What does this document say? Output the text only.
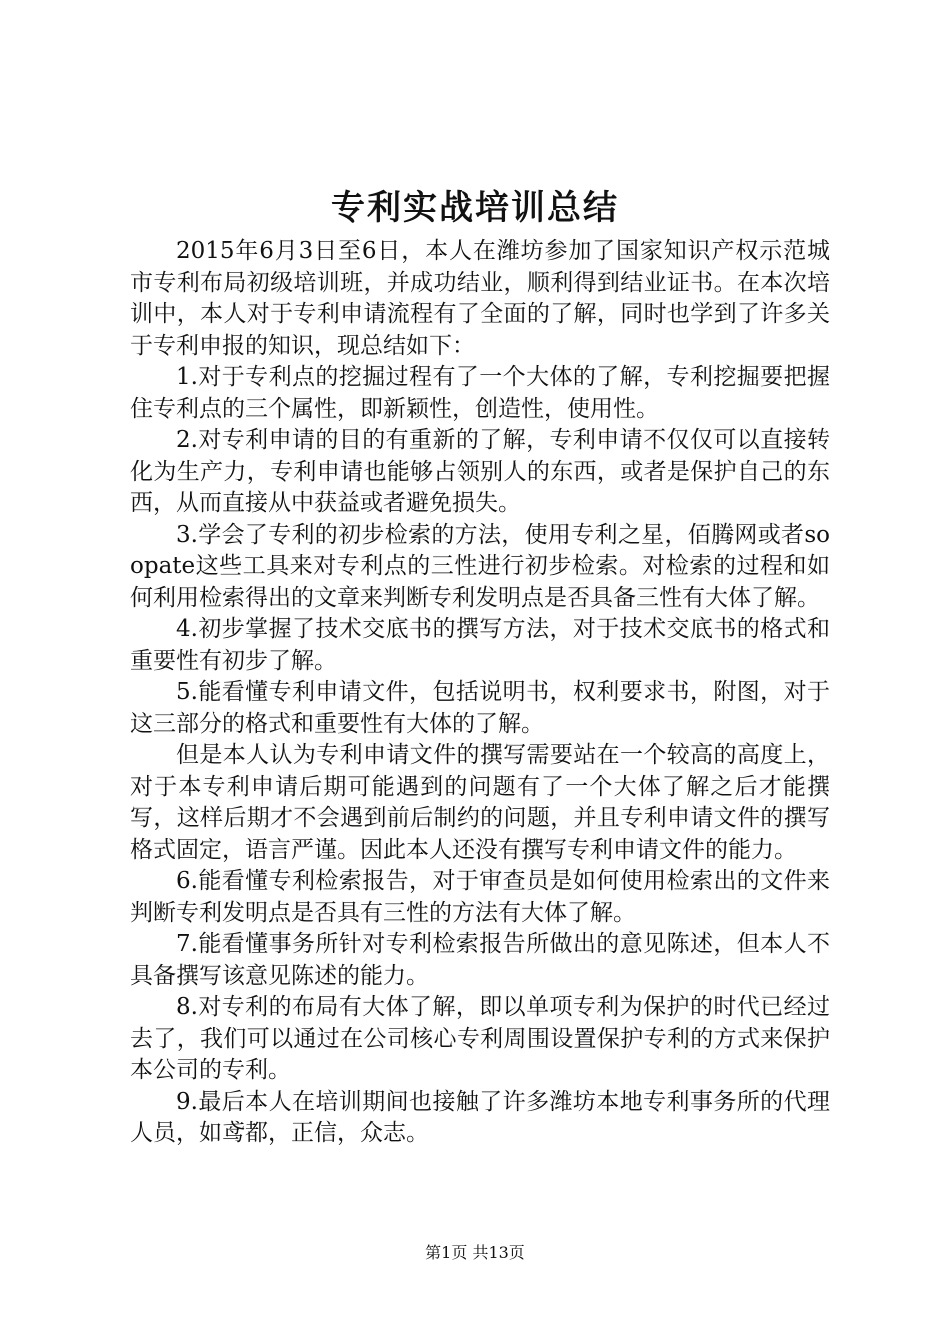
专利实战培训总结

2015年6月3日至6日，本人在潍坊参加了国家知识产权示范城市专利布局初级培训班，并成功结业，顺利得到结业证书。在本次培训中，本人对于专利申请流程有了全面的了解，同时也学到了许多关于专利申报的知识，现总结如下：

1.对于专利点的挖掘过程有了一个大体的了解，专利挖掘要把握住专利点的三个属性，即新颖性，创造性，使用性。

2.对专利申请的目的有重新的了解，专利申请不仅仅可以直接转化为生产力，专利申请也能够占领别人的东西，或者是保护自己的东西，从而直接从中获益或者避免损失。

3.学会了专利的初步检索的方法，使用专利之星，佰腾网或者soopate这些工具来对专利点的三性进行初步检索。对检索的过程和如何利用检索得出的文章来判断专利发明点是否具备三性有大体了解。

4.初步掌握了技术交底书的撰写方法，对于技术交底书的格式和重要性有初步了解。

5.能看懂专利申请文件，包括说明书，权利要求书，附图，对于这三部分的格式和重要性有大体的了解。

但是本人认为专利申请文件的撰写需要站在一个较高的高度上，对于本专利申请后期可能遇到的问题有了一个大体了解之后才能撰写，这样后期才不会遇到前后制约的问题，并且专利申请文件的撰写格式固定，语言严谨。因此本人还没有撰写专利申请文件的能力。

6.能看懂专利检索报告，对于审查员是如何使用检索出的文件来判断专利发明点是否具有三性的方法有大体了解。

7.能看懂事务所针对专利检索报告所做出的意见陈述，但本人不具备撰写该意见陈述的能力。

8.对专利的布局有大体了解，即以单项专利为保护的时代已经过去了，我们可以通过在公司核心专利周围设置保护专利的方式来保护本公司的专利。

9.最后本人在培训期间也接触了许多潍坊本地专利事务所的代理人员，如鸢都，正信，众志。

第1页 共13页
